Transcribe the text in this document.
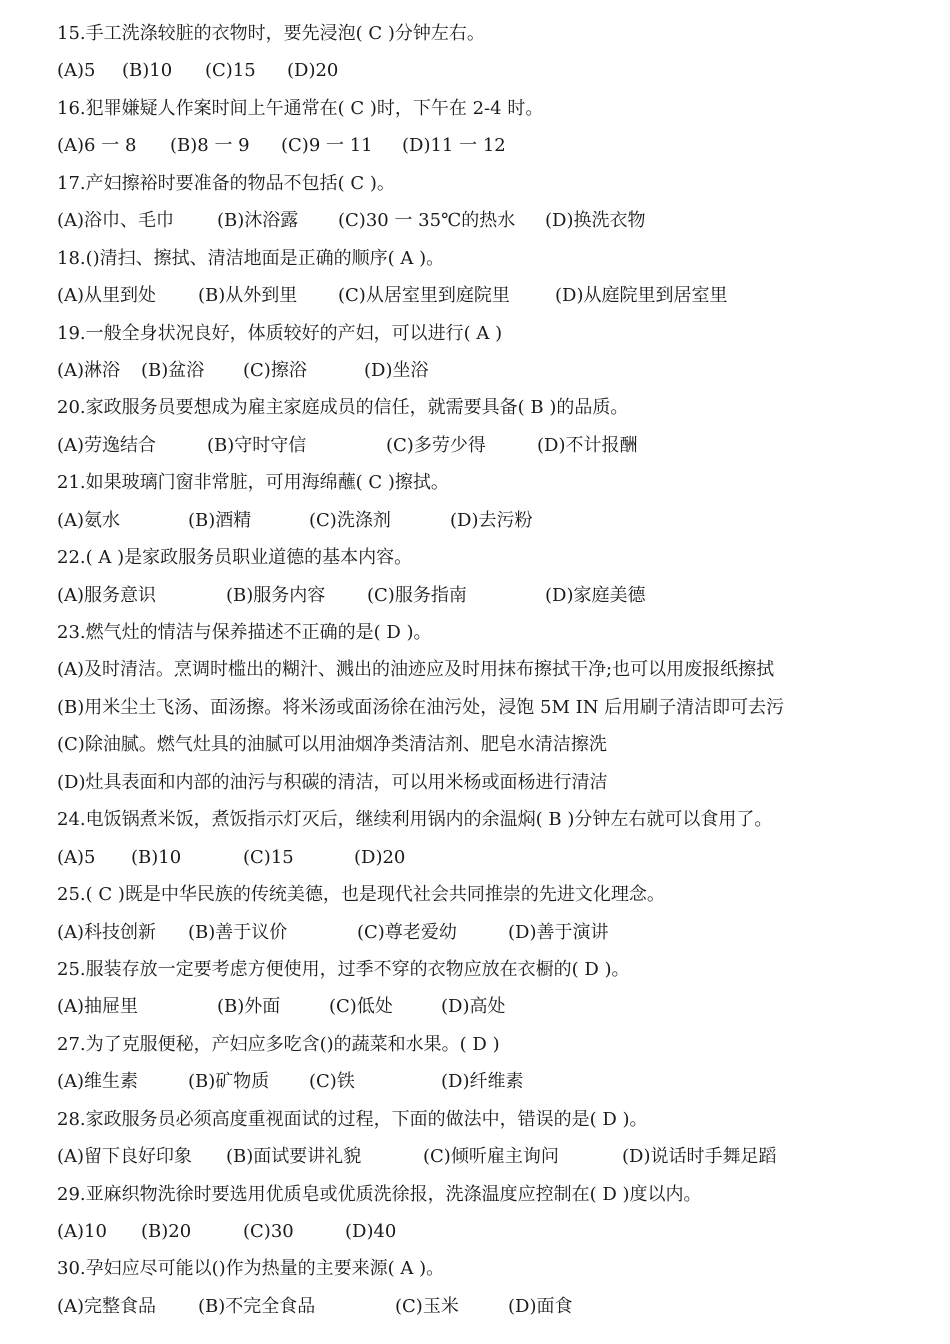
15.手工洗涤较脏的衣物时，要先浸泡( C )分钟左右。
(A)5 (B)10 (C)15 (D)20
16.犯罪嫌疑人作案时间上午通常在( C )时，下午在 2-4 时。
(A)6 一 8 (B)8 一 9 (C)9 一 11 (D)11 一 12
17.产妇擦裕时要准备的物品不包括( C )。
(A)浴巾、毛巾 (B)沐浴露 (C)30 一 35℃的热水 (D)换洗衣物
18.()清扫、擦拭、清洁地面是正确的顺序( A )。
(A)从里到处 (B)从外到里 (C)从居室里到庭院里	(D)从庭院里到居室里
19.一般全身状况良好，体质较好的产妇，可以进行( A )
(A)淋浴 (B)盆浴 (C)擦浴	(D)坐浴
20.家政服务员要想成为雇主家庭成员的信任，就需要具备( B )的品质。
(A)劳逸结合	(B)守时守信	(C)多劳少得	(D)不计报酬
21.如果玻璃门窗非常脏，可用海绵蘸( C )擦拭。
(A)氨水	(B)酒精	(C)洗涤剂	(D)去污粉
22.( A )是家政服务员职业道德的基本内容。
(A)服务意识	(B)服务内容 (C)服务指南	(D)家庭美德
23.燃气灶的情洁与保养描述不正确的是( D )。
(A)及时清洁。烹调时槛出的糊汁、溅出的油迹应及时用抹布擦拭干净;也可以用废报纸擦拭
(B)用米尘土飞汤、面汤擦。将米汤或面汤徐在油污处，浸饱 5M IN 后用刷子清洁即可去污
(C)除油腻。燃气灶具的油腻可以用油烟净类清洁剂、肥皂水清洁擦洗
(D)灶具表面和内部的油污与积碳的清洁，可以用米杨或面杨进行清洁
24.电饭锅煮米饭，煮饭指示灯灭后，继续利用锅内的余温焖( B )分钟左右就可以食用了。
(A)5 (B)10	(C)15	(D)20
25.( C )既是中华民族的传统美德，也是现代社会共同推崇的先进文化理念。
(A)科技创新 (B)善于议价	(C)尊老爱幼	(D)善于演讲
25.服装存放一定要考虑方便使用，过季不穿的衣物应放在衣橱的( D )。
(A)抽屉里	(B)外面	(C)低处	(D)高处
27.为了克服便秘，产妇应多吃含()的蔬菜和水果。( D )
(A)维生素	(B)矿物质 (C)铁	(D)纤维素
28.家政服务员必须高度重视面试的过程，下面的做法中，错误的是( D )。
(A)留下良好印象 (B)面试要讲礼貌	(C)倾听雇主询问	(D)说话时手舞足蹈
29.亚麻织物洗徐时要选用优质皂或优质洗徐报，洗涤温度应控制在( D )度以内。
(A)10 (B)20	(C)30	(D)40
30.孕妇应尽可能以()作为热量的主要来源( A )。
(A)完整食品 (B)不完全食品	(C)玉米	(D)面食
